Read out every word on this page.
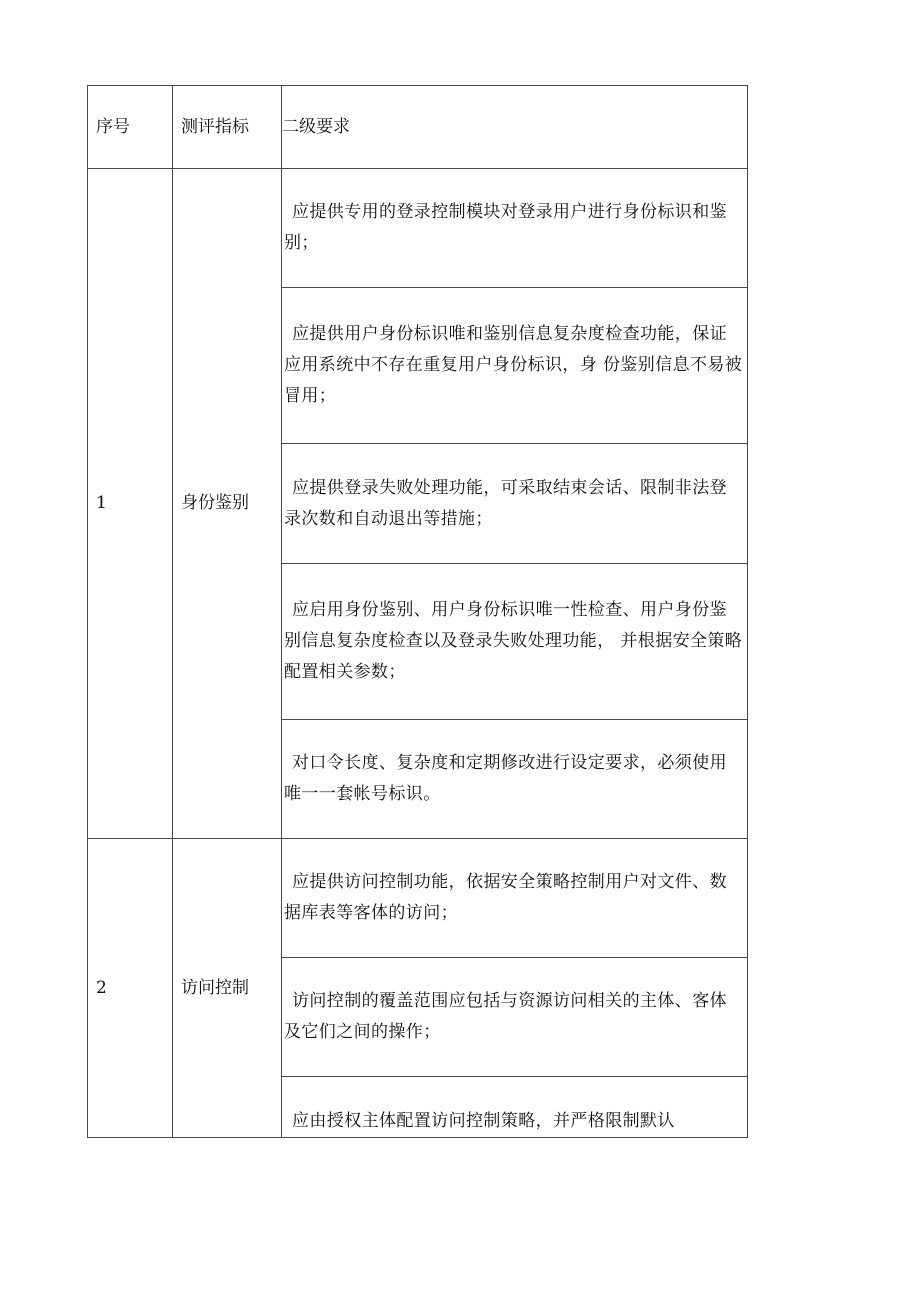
序号	测评指标	二级要求

1	身份鉴别	应提供专用的登录控制模块对登录用户进行身份标识和鉴别；

		应提供用户身份标识唯和鉴别信息复杂度检查功能，保证应用系统中不存在重复用户身份标识，身 份鉴别信息不易被冒用；

		应提供登录失败处理功能，可采取结束会话、限制非法登录次数和自动退出等措施；

		应启用身份鉴别、用户身份标识唯一性检查、用户身份鉴别信息复杂度检查以及登录失败处理功能， 并根据安全策略配置相关参数；

		对口令长度、复杂度和定期修改进行设定要求，必须使用唯一一套帐号标识。

2	访问控制	应提供访问控制功能，依据安全策略控制用户对文件、数据库表等客体的访问；

		访问控制的覆盖范围应包括与资源访问相关的主体、客体及它们之间的操作；

		应由授权主体配置访问控制策略，并严格限制默认
